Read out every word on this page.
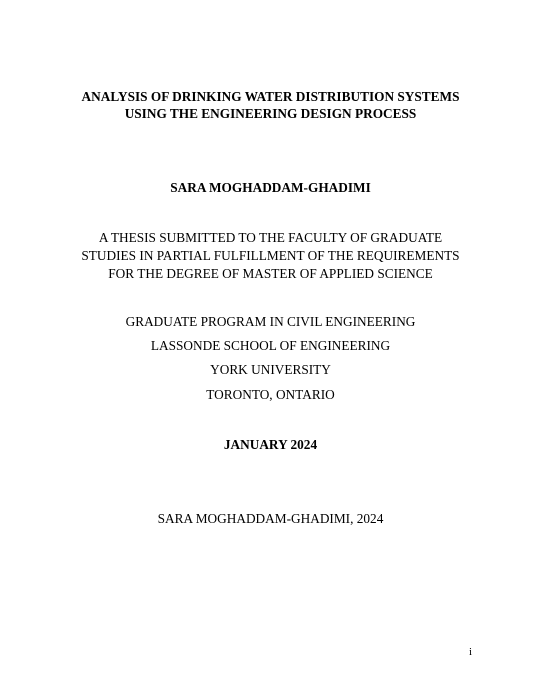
ANALYSIS OF DRINKING WATER DISTRIBUTION SYSTEMS
USING THE ENGINEERING DESIGN PROCESS
SARA MOGHADDAM-GHADIMI
A THESIS SUBMITTED TO THE FACULTY OF GRADUATE
STUDIES IN PARTIAL FULFILLMENT OF THE REQUIREMENTS
FOR THE DEGREE OF MASTER OF APPLIED SCIENCE
GRADUATE PROGRAM IN CIVIL ENGINEERING
LASSONDE SCHOOL OF ENGINEERING
YORK UNIVERSITY
TORONTO, ONTARIO
JANUARY 2024
SARA MOGHADDAM-GHADIMI, 2024
i
